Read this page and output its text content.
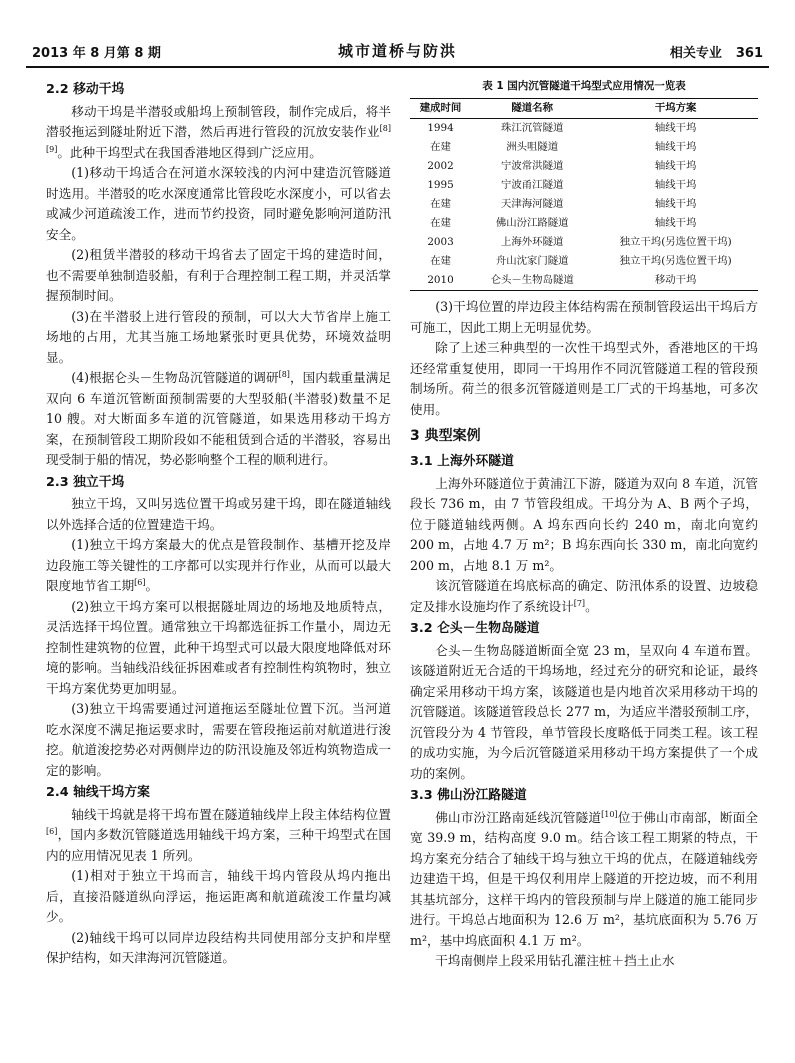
2013 年 8 月第 8 期	城市道桥与防洪	相关专业 361
2.2 移动干坞

移动干坞是半潜驳或船坞上预制管段，制作完成后，将半潜驳拖运到隧址附近下潜，然后再进行管段的沉放安装作业[8][9]。此种干坞型式在我国香港地区得到广泛应用。

(1)移动干坞适合在河道水深较浅的内河中建造沉管隧道时选用。半潜驳的吃水深度通常比管段吃水深度小，可以省去或减少河道疏浚工作，进而节约投资，同时避免影响河道防汛安全。

(2)租赁半潜驳的移动干坞省去了固定干坞的建造时间，也不需要单独制造驳船，有利于合理控制工程工期，并灵活掌握预制时间。

(3)在半潜驳上进行管段的预制，可以大大节省岸上施工场地的占用，尤其当施工场地紧张时更具优势，环境效益明显。

(4)根据仑头－生物岛沉管隧道的调研[8]，国内载重量满足双向 6 车道沉管断面预制需要的大型驳船(半潜驳)数量不足 10 艘。对大断面多车道的沉管隧道，如果选用移动干坞方案，在预制管段工期阶段如不能租赁到合适的半潜驳，容易出现受制于船的情况，势必影响整个工程的顺利进行。

2.3 独立干坞

独立干坞，又叫另选位置干坞或另建干坞，即在隧道轴线以外选择合适的位置建造干坞。

(1)独立干坞方案最大的优点是管段制作、基槽开挖及岸边段施工等关键性的工序都可以实现并行作业，从而可以最大限度地节省工期[6]。

(2)独立干坞方案可以根据隧址周边的场地及地质特点，灵活选择干坞位置。通常独立干坞都选征拆工作量小，周边无控制性建筑物的位置，此种干坞型式可以最大限度地降低对环境的影响。当轴线沿线征拆困难或者有控制性构筑物时，独立干坞方案优势更加明显。

(3)独立干坞需要通过河道拖运至隧址位置下沉。当河道吃水深度不满足拖运要求时，需要在管段拖运前对航道进行浚挖。航道浚挖势必对两侧岸边的防汛设施及邻近构筑物造成一定的影响。

2.4 轴线干坞方案

轴线干坞就是将干坞布置在隧道轴线岸上段主体结构位置 [6]，国内多数沉管隧道选用轴线干坞方案，三种干坞型式在国内的应用情况见表 1 所列。

(1)相对于独立干坞而言，轴线干坞内管段从坞内拖出后，直接沿隧道纵向浮运，拖运距离和航道疏浚工作量均减少。

(2)轴线干坞可以同岸边段结构共同使用部分支护和岸壁保护结构，如天津海河沉管隧道。

表 1 国内沉管隧道干坞型式应用情况一览表
建成时间	隧道名称	干坞方案
1994	珠江沉管隧道	轴线干坞
在建	洲头咀隧道	轴线干坞
2002	宁波常洪隧道	轴线干坞
1995	宁波甬江隧道	轴线干坞
在建	天津海河隧道	轴线干坞
在建	佛山汾江路隧道	轴线干坞
2003	上海外环隧道	独立干坞(另选位置干坞)
在建	舟山沈家门隧道	独立干坞(另选位置干坞)
2010	仑头－生物岛隧道	移动干坞

(3)干坞位置的岸边段主体结构需在预制管段运出干坞后方可施工，因此工期上无明显优势。

除了上述三种典型的一次性干坞型式外，香港地区的干坞还经常重复使用，即同一干坞用作不同沉管隧道工程的管段预制场所。荷兰的很多沉管隧道则是工厂式的干坞基地，可多次使用。

3 典型案例
3.1 上海外环隧道

上海外环隧道位于黄浦江下游，隧道为双向 8 车道，沉管段长 736 m，由 7 节管段组成。干坞分为 A、B 两个子坞，位于隧道轴线两侧。A 坞东西向长约 240 m，南北向宽约 200 m，占地 4.7 万 m²；B 坞东西向长 330 m，南北向宽约 200 m，占地 8.1 万 m²。

该沉管隧道在坞底标高的确定、防汛体系的设置、边坡稳定及排水设施均作了系统设计[7]。

3.2 仑头－生物岛隧道

仑头－生物岛隧道断面全宽 23 m，呈双向 4 车道布置。该隧道附近无合适的干坞场地，经过充分的研究和论证，最终确定采用移动干坞方案，该隧道也是内地首次采用移动干坞的沉管隧道。该隧道管段总长 277 m，为适应半潜驳预制工序，沉管段分为 4 节管段，单节管段长度略低于同类工程。该工程的成功实施，为今后沉管隧道采用移动干坞方案提供了一个成功的案例。

3.3 佛山汾江路隧道

佛山市汾江路南延线沉管隧道[10]位于佛山市南部，断面全宽 39.9 m，结构高度 9.0 m。结合该工程工期紧的特点，干坞方案充分结合了轴线干坞与独立干坞的优点，在隧道轴线旁边建造干坞，但是干坞仅利用岸上隧道的开挖边坡，而不利用其基坑部分，这样干坞内的管段预制与岸上隧道的施工能同步进行。干坞总占地面积为 12.6 万 m²，基坑底面积为 5.76 万 m²，基中坞底面积 4.1 万 m²。

干坞南侧岸上段采用钻孔灌注桩＋挡土止水
